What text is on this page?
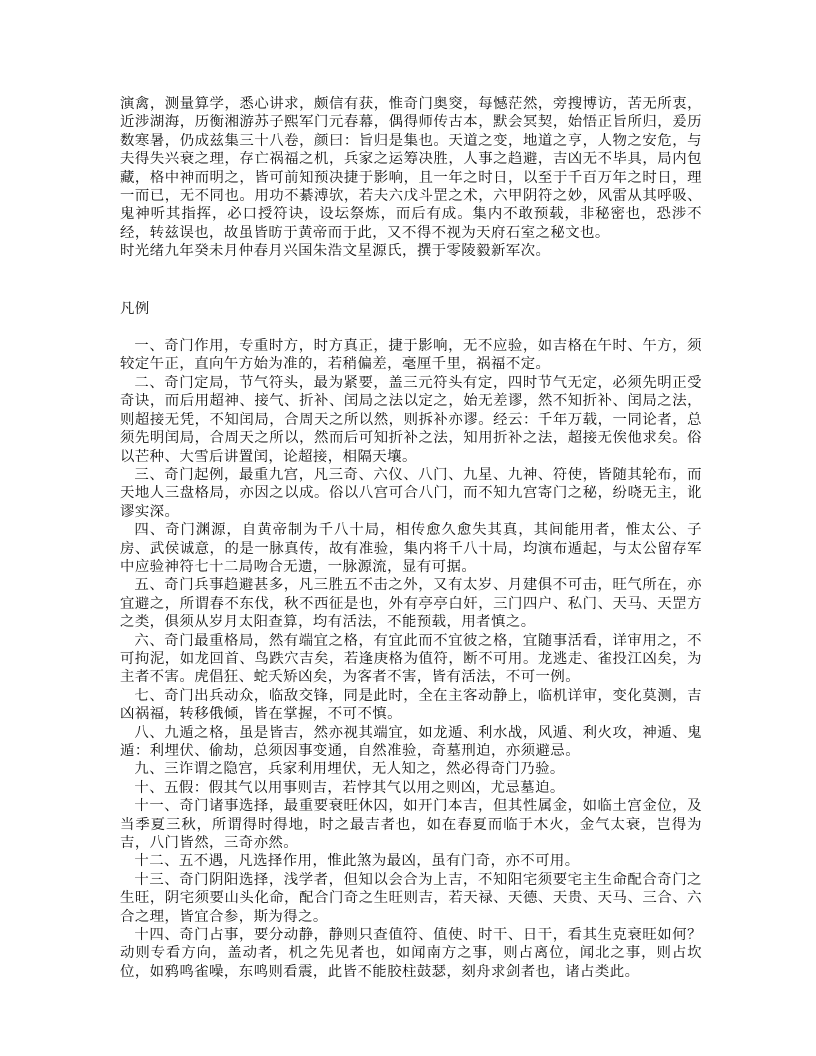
演禽，测量算学，悉心讲求，颇信有获，惟奇门奥窔，每憾茫然，旁搜博访，苦无所衷，近涉湖海，历衡湘游苏子熙军门元春幕，偶得师传古本，默会冥契，始悟正旨所归，爰历数寒暑，仍成兹集三十八卷，颜曰：旨归是集也。天道之变，地道之亨，人物之安危，与夫得失兴衰之理，存亡祸福之机，兵家之运筹决胜，人事之趋避，吉凶无不毕具，局内包藏，格中神而明之，皆可前知预决捷于影响，且一年之时日，以至于千百万年之时日，理一而已，无不同也。用功不綦溥欤，若夫六戊斗罡之术，六甲阴符之妙，风雷从其呼吸、鬼神听其指挥，必口授符诀，设坛祭炼，而后有成。集内不敢预载，非秘密也，恐涉不经，转兹误也，故虽皆昉于黄帝而于此，又不得不视为天府石室之秘文也。

时光绪九年癸未月仲春月兴国朱浩文星源氏，撰于零陵毅新军次。

凡例

一、奇门作用，专重时方，时方真正，捷于影响，无不应验，如吉格在午时、午方，须较定午正，直向午方始为准的，若稍偏差，毫厘千里，祸福不定。

二、奇门定局，节气符头，最为紧要，盖三元符头有定，四时节气无定，必须先明正受奇诀，而后用超神、接气、折补、闰局之法以定之，始无差谬，然不知折补、闰局之法，则超接无凭，不知闰局，合周天之所以然，则拆补亦谬。经云：千年万载，一同论者，总须先明闰局，合周天之所以，然而后可知折补之法，知用折补之法，超接无俟他求矣。俗以芒种、大雪后讲置闰，论超接，相隔天壤。

三、奇门起例，最重九宫，凡三奇、六仪、八门、九星、九神、符使，皆随其轮布，而天地人三盘格局，亦因之以成。俗以八宫可合八门，而不知九宫寄门之秘，纷哓无主，讹谬实深。

四、奇门渊源，自黄帝制为千八十局，相传愈久愈失其真，其间能用者，惟太公、子房、武侯诚意，的是一脉真传，故有准验，集内将千八十局，均演布遁起，与太公留存军中应验神符七十二局吻合无遗，一脉源流，显有可据。

五、奇门兵事趋避甚多，凡三胜五不击之外，又有太岁、月建俱不可击，旺气所在，亦宜避之，所谓春不东伐，秋不西征是也，外有亭亭白奸，三门四户、私门、天马、天罡方之类，俱须从岁月太阳查算，均有活法，不能预载，用者慎之。

六、奇门最重格局，然有端宜之格，有宜此而不宜彼之格，宜随事活看，详审用之，不可拘泥，如龙回首、鸟跌穴吉矣，若逢庚格为值符，断不可用。龙逃走、雀投江凶矣，为主者不害。虎倡狂、蛇夭矫凶矣，为客者不害，皆有活法，不可一例。

七、奇门出兵动众，临敌交锋，同是此时，全在主客动静上，临机详审，变化莫测，吉凶祸福，转移俄倾，皆在掌握，不可不慎。

八、九遁之格，虽是皆吉，然亦视其端宜，如龙遁、利水战，风遁、利火攻，神遁、鬼遁：利埋伏、偷劫，总须因事变通，自然准验，奇墓刑迫，亦须避忌。

九、三诈谓之隐宫，兵家利用埋伏，无人知之，然必得奇门乃验。

十、五假：假其气以用事则吉，若悖其气以用之则凶，尤忌墓迫。

十一、奇门诸事选择，最重要衰旺休囚，如开门本吉，但其性属金，如临土宫金位，及当季夏三秋，所谓得时得地，时之最吉者也，如在春夏而临于木火，金气太衰，岂得为吉，八门皆然，三奇亦然。

十二、五不遇，凡选择作用，惟此煞为最凶，虽有门奇，亦不可用。

十三、奇门阴阳选择，浅学者，但知以会合为上吉，不知阳宅须要宅主生命配合奇门之生旺，阴宅须要山头化命，配合门奇之生旺则吉，若天禄、天德、天贵、天马、三合、六合之理，皆宜合参，斯为得之。

十四、奇门占事，要分动静，静则只查值符、值使、时干、日干，看其生克衰旺如何？动则专看方向，盖动者，机之先见者也，如闻南方之事，则占离位，闻北之事，则占坎位，如鸦鸣雀噪，东鸣则看震，此皆不能胶柱鼓瑟，刻舟求剑者也，诸占类此。
